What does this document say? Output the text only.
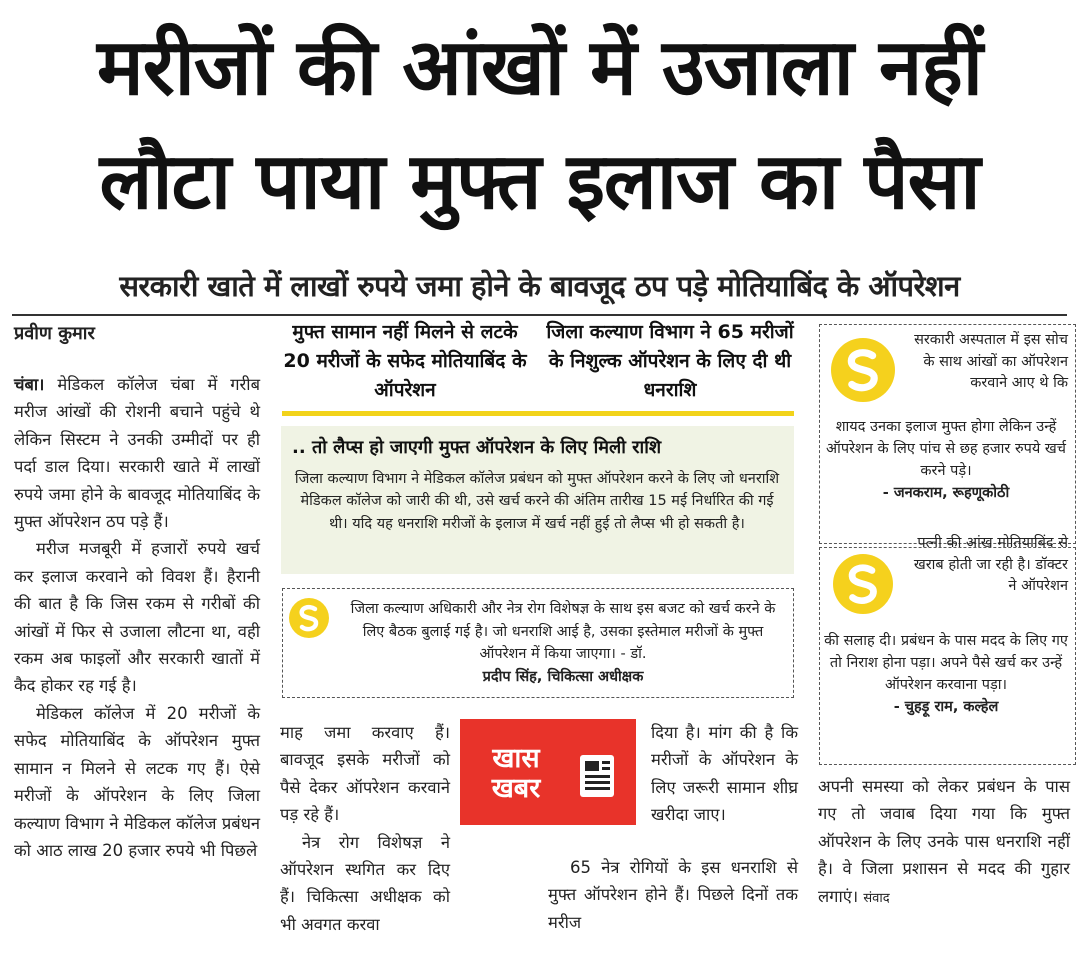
मरीजों की आंखों में उजाला नहीं
लौटा पाया मुफ्त इलाज का पैसा
सरकारी खाते में लाखों रुपये जमा होने के बावजूद ठप पड़े मोतियाबिंद के ऑपरेशन
प्रवीण कुमार

चंबा। मेडिकल कॉलेज चंबा में गरीब मरीज आंखों की रोशनी बचाने पहुंचे थे लेकिन सिस्टम ने उनकी उम्मीदों पर ही पर्दा डाल दिया। सरकारी खाते में लाखों रुपये जमा होने के बावजूद मोतियाबिंद के मुफ्त ऑपरेशन ठप पड़े हैं।

मरीज मजबूरी में हजारों रुपये खर्च कर इलाज करवाने को विवश हैं। हैरानी की बात है कि जिस रकम से गरीबों की आंखों में फिर से उजाला लौटना था, वही रकम अब फाइलों और सरकारी खातों में कैद होकर रह गई है।

मेडिकल कॉलेज में 20 मरीजों के सफेद मोतियाबिंद के ऑपरेशन मुफ्त सामान न मिलने से लटक गए हैं। ऐसे मरीजों के ऑपरेशन के लिए जिला कल्याण विभाग ने मेडिकल कॉलेज प्रबंधन को आठ लाख 20 हजार रुपये भी पिछले

मुफ्त सामान नहीं मिलने से लटके 20 मरीजों के सफेद मोतियाबिंद के ऑपरेशन
जिला कल्याण विभाग ने 65 मरीजों के निशुल्क ऑपरेशन के लिए दी थी धनराशि
.. तो लैप्स हो जाएगी मुफ्त ऑपरेशन के लिए मिली राशि
जिला कल्याण विभाग ने मेडिकल कॉलेज प्रबंधन को मुफ्त ऑपरेशन करने के लिए जो धनराशि मेडिकल कॉलेज को जारी की थी, उसे खर्च करने की अंतिम तारीख 15 मई निर्धारित की गई थी। यदि यह धनराशि मरीजों के इलाज में खर्च नहीं हुई तो लैप्स भी हो सकती है।
जिला कल्याण अधिकारी और नेत्र रोग विशेषज्ञ के साथ इस बजट को खर्च करने के लिए बैठक बुलाई गई है। जो धनराशि आई है, उसका इस्तेमाल मरीजों के मुफ्त ऑपरेशन में किया जाएगा। - डॉ.
प्रदीप सिंह, चिकित्सा अधीक्षक
सरकारी अस्पताल में इस सोच के साथ आंखों का ऑपरेशन करवाने आए थे कि
शायद उनका इलाज मुफ्त होगा लेकिन उन्हें ऑपरेशन के लिए पांच से छह हजार रुपये खर्च करने पड़े।
- जनकराम, रूहणूकोठी
पत्नी की आंख मोतियाबिंद से खराब होती जा रही है। डॉक्टर ने ऑपरेशन
की सलाह दी। प्रबंधन के पास मदद के लिए गए तो निराश होना पड़ा। अपने पैसे खर्च कर उन्हें ऑपरेशन करवाना पड़ा।
- चुहड़ू राम, कल्हेल

माह जमा करवाए हैं। बावजूद इसके मरीजों को पैसे देकर ऑपरेशन करवाने पड़ रहे हैं।

नेत्र रोग विशेषज्ञ ने ऑपरेशन स्थगित कर दिए हैं। चिकित्सा अधीक्षक को भी अवगत करवा

खास
खबर
दिया है। मांग की है कि मरीजों के ऑपरेशन के लिए जरूरी सामान शीघ्र खरीदा जाए।

65 नेत्र रोगियों के इस धनराशि से मुफ्त ऑपरेशन होने हैं। पिछले दिनों तक मरीज

अपनी समस्या को लेकर प्रबंधन के पास गए तो जवाब दिया गया कि मुफ्त ऑपरेशन के लिए उनके पास धनराशि नहीं है। वे जिला प्रशासन से मदद की गुहार लगाएं। संवाद
